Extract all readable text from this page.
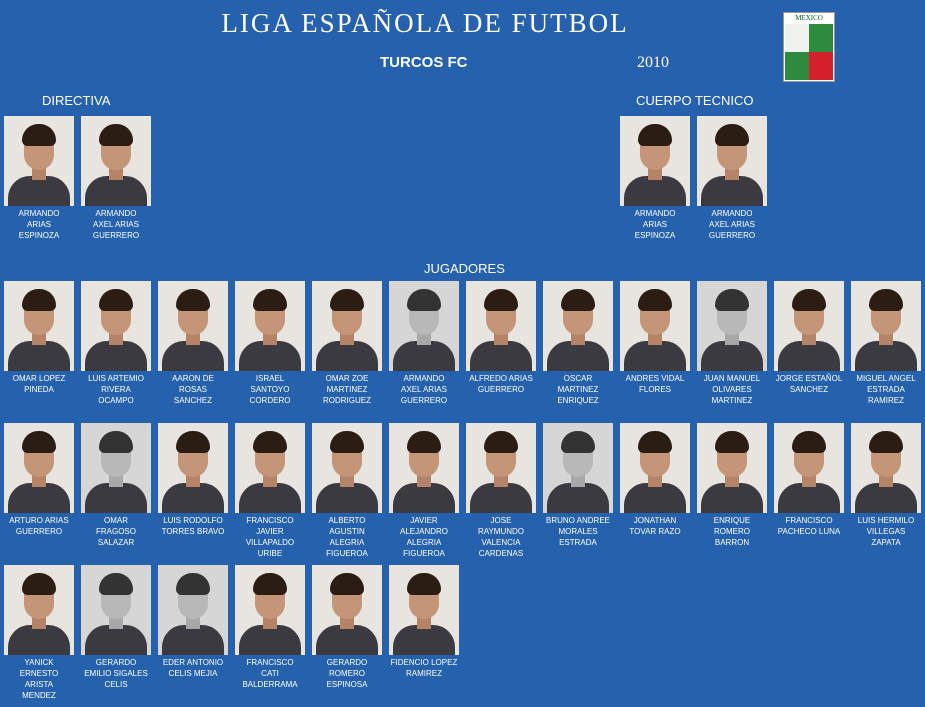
LIGA ESPAÑOLA DE FUTBOL
TURCOS FC	2010
MEXICO
DIRECTIVA	CUERPO TECNICO
JUGADORES
ARMANDO
ARIAS
ESPINOZA
ARMANDO
AXEL ARIAS
GUERRERO
ARMANDO
ARIAS
ESPINOZA
ARMANDO
AXEL ARIAS
GUERRERO
OMAR LOPEZ
PINEDA
LUIS ARTEMIO
RIVERA
OCAMPO
AARON DE
ROSAS
SANCHEZ
ISRAEL
SANTOYO
CORDERO
OMAR ZOE
MARTINEZ
RODRIGUEZ
ARMANDO
AXEL ARIAS
GUERRERO
ALFREDO ARIAS
GUERRERO
OSCAR
MARTINEZ
ENRIQUEZ
ANDRES VIDAL
FLORES
JUAN MANUEL
OLIVARES
MARTINEZ
JORGE ESTAÑOL
SANCHEZ
MIGUEL ANGEL
ESTRADA
RAMIREZ
ARTURO ARIAS
GUERRERO
OMAR
FRAGOSO
SALAZAR
LUIS RODOLFO
TORRES BRAVO
FRANCISCO
JAVIER
VILLAPALDO
URIBE
ALBERTO
AGUSTIN
ALEGRIA
FIGUEROA
JAVIER
ALEJANDRO
ALEGRIA
FIGUEROA
JOSE
RAYMUNDO
VALENCIA
CARDENAS
BRUNO ANDREE
MORALES
ESTRADA
JONATHAN
TOVAR RAZO
ENRIQUE
ROMERO
BARRON
FRANCISCO
PACHECO LUNA
LUIS HERMILO
VILLEGAS
ZAPATA
YANICK
ERNESTO
ARISTA
MENDEZ
GERARDO
EMILIO SIGALES
CELIS
EDER ANTONIO
CELIS MEJIA
FRANCISCO
CATI
BALDERRAMA
GERARDO
ROMERO
ESPINOSA
FIDENCIO LOPEZ
RAMIREZ
